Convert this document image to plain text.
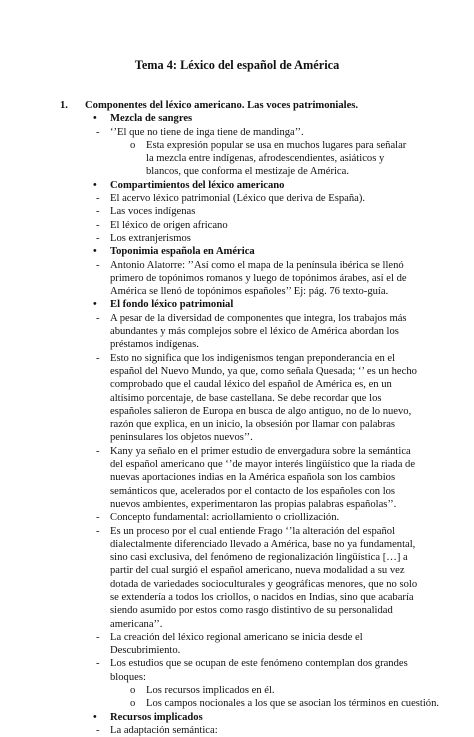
Tema 4: Léxico del español de América
1. Componentes del léxico americano. Las voces patrimoniales.
• Mezcla de sangres
- ‘’El que no tiene de inga tiene de mandinga’’.
o Esta expresión popular se usa en muchos lugares para señalar la mezcla entre indígenas, afrodescendientes, asiáticos y blancos, que conforma el mestizaje de América.
• Compartimientos del léxico americano
- El acervo léxico patrimonial (Léxico que deriva de España).
- Las voces indígenas
- El léxico de origen africano
- Los extranjerismos
• Toponimia española en América
- Antonio Alatorre: ’’Así como el mapa de la península ibérica se llenó primero de topónimos romanos y luego de topónimos árabes, así el de América se llenó de topónimos españoles’’ Ej: pág. 76 texto-guía.
• El fondo léxico patrimonial
- A pesar de la diversidad de componentes que integra, los trabajos más abundantes y más complejos sobre el léxico de América abordan los préstamos indígenas.
- Esto no significa que los indigenismos tengan preponderancia en el español del Nuevo Mundo, ya que, como señala Quesada; ‘’ es un hecho comprobado que el caudal léxico del español de América es, en un altísimo porcentaje, de base castellana. Se debe recordar que los españoles salieron de Europa en busca de algo antiguo, no de lo nuevo, razón que explica, en un inicio, la obsesión por llamar con palabras peninsulares los objetos nuevos’’.
- Kany ya señalo en el primer estudio de envergadura sobre la semántica del español americano que ‘’de mayor interés lingüístico que la riada de nuevas aportaciones indias en la América española son los cambios semánticos que, acelerados por el contacto de los españoles con los nuevos ambientes, experimentaron las propias palabras españolas’’.
- Concepto fundamental: acriollamiento o criollización.
- Es un proceso por el cual entiende Frago ‘’la alteración del español dialectalmente diferenciado llevado a América, base no ya fundamental, sino casi exclusiva, del fenómeno de regionalización lingüística […] a partir del cual surgió el español americano, nueva modalidad a su vez dotada de variedades socioculturales y geográficas menores, que no solo se extendería a todos los criollos, o nacidos en Indias, sino que acabaría siendo asumido por estos como rasgo distintivo de su personalidad americana’’.
- La creación del léxico regional americano se inicia desde el Descubrimiento.
- Los estudios que se ocupan de este fenómeno contemplan dos grandes bloques:
o Los recursos implicados en él.
o Los campos nocionales a los que se asocian los términos en cuestión.
• Recursos implicados
- La adaptación semántica:
